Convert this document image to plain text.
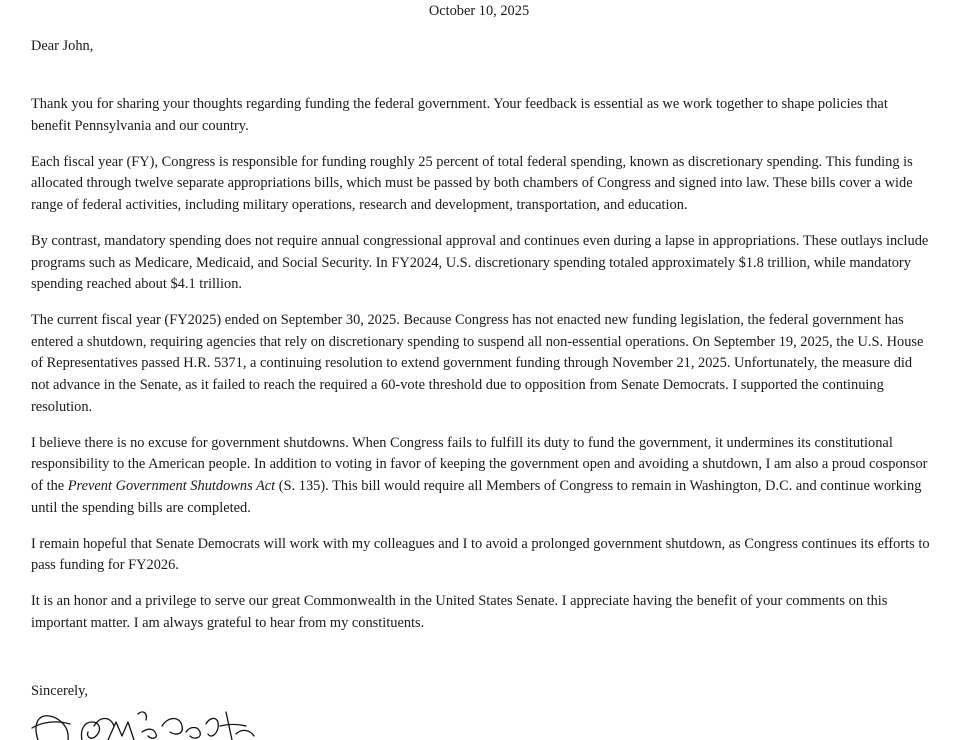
October 10, 2025
Dear John,

Thank you for sharing your thoughts regarding funding the federal government. Your feedback is essential as we work together to shape policies that benefit Pennsylvania and our country.

Each fiscal year (FY), Congress is responsible for funding roughly 25 percent of total federal spending, known as discretionary spending. This funding is allocated through twelve separate appropriations bills, which must be passed by both chambers of Congress and signed into law. These bills cover a wide range of federal activities, including military operations, research and development, transportation, and education.

By contrast, mandatory spending does not require annual congressional approval and continues even during a lapse in appropriations. These outlays include programs such as Medicare, Medicaid, and Social Security. In FY2024, U.S. discretionary spending totaled approximately $1.8 trillion, while mandatory spending reached about $4.1 trillion.

The current fiscal year (FY2025) ended on September 30, 2025. Because Congress has not enacted new funding legislation, the federal government has entered a shutdown, requiring agencies that rely on discretionary spending to suspend all non-essential operations. On September 19, 2025, the U.S. House of Representatives passed H.R. 5371, a continuing resolution to extend government funding through November 21, 2025. Unfortunately, the measure did not advance in the Senate, as it failed to reach the required a 60-vote threshold due to opposition from Senate Democrats. I supported the continuing resolution.

I believe there is no excuse for government shutdowns. When Congress fails to fulfill its duty to fund the government, it undermines its constitutional responsibility to the American people. In addition to voting in favor of keeping the government open and avoiding a shutdown, I am also a proud cosponsor of the Prevent Government Shutdowns Act (S. 135). This bill would require all Members of Congress to remain in Washington, D.C. and continue working until the spending bills are completed.

I remain hopeful that Senate Democrats will work with my colleagues and I to avoid a prolonged government shutdown, as Congress continues its efforts to pass funding for FY2026.

It is an honor and a privilege to serve our great Commonwealth in the United States Senate. I appreciate having the benefit of your comments on this important matter. I am always grateful to hear from my constituents.

Sincerely,
